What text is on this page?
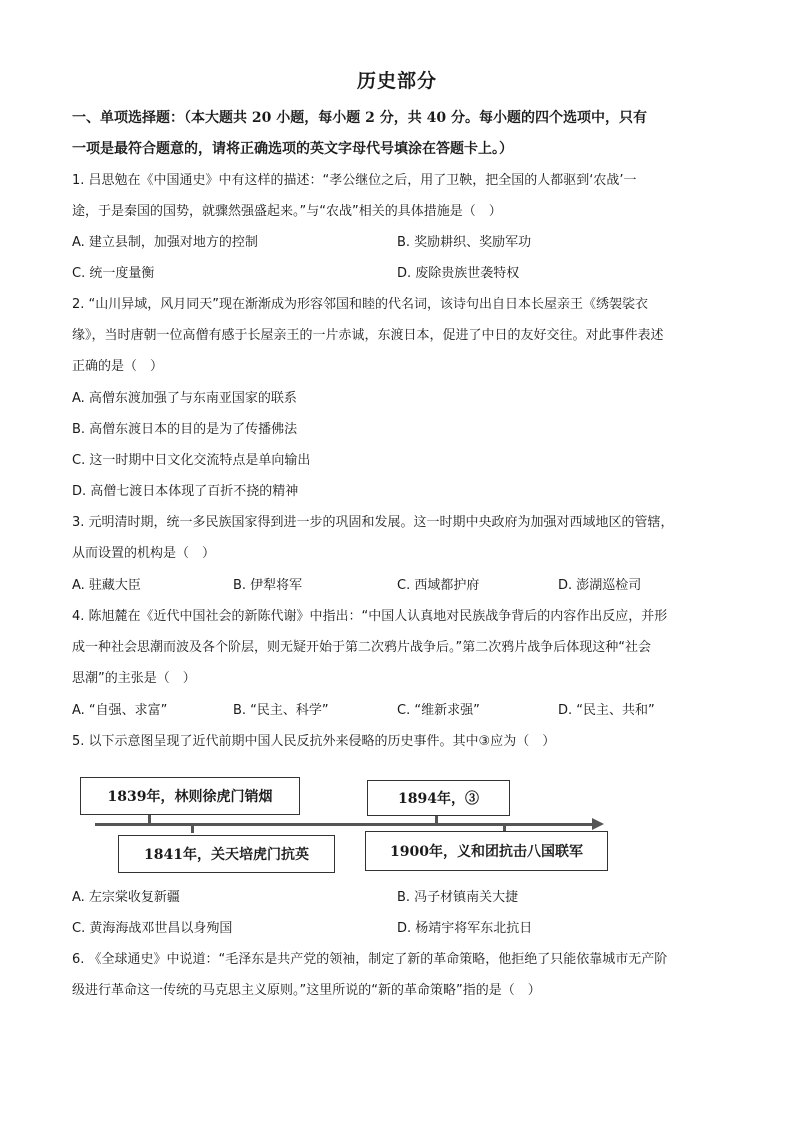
历史部分
一、单项选择题：（本大题共 20 小题，每小题 2 分，共 40 分。每小题的四个选项中，只有
一项是最符合题意的，请将正确选项的英文字母代号填涂在答题卡上。）
1. 吕思勉在《中国通史》中有这样的描述：“孝公继位之后，用了卫鞅，把全国的人都驱到‘农战’一
途，于是秦国的国势，就骤然强盛起来。”与“农战”相关的具体措施是（　）
A. 建立县制，加强对地方的控制	B. 奖励耕织、奖励军功
C. 统一度量衡	D. 废除贵族世袭特权
2. “山川异域，风月同天”现在渐渐成为形容邻国和睦的代名词，该诗句出自日本长屋亲王《绣袈裟衣
缘》，当时唐朝一位高僧有感于长屋亲王的一片赤诚，东渡日本，促进了中日的友好交往。对此事件表述
正确的是（　）
A. 高僧东渡加强了与东南亚国家的联系
B. 高僧东渡日本的目的是为了传播佛法
C. 这一时期中日文化交流特点是单向输出
D. 高僧七渡日本体现了百折不挠的精神
3. 元明清时期，统一多民族国家得到进一步的巩固和发展。这一时期中央政府为加强对西域地区的管辖，
从而设置的机构是（　）
A. 驻藏大臣	B. 伊犁将军	C. 西域都护府	D. 澎湖巡检司
4. 陈旭麓在《近代中国社会的新陈代谢》中指出：“中国人认真地对民族战争背后的内容作出反应，并形
成一种社会思潮而波及各个阶层，则无疑开始于第二次鸦片战争后。”第二次鸦片战争后体现这种“社会
思潮”的主张是（　）
A. “自强、求富”	B. “民主、科学”	C. “维新求强”	D. “民主、共和”
5. 以下示意图呈现了近代前期中国人民反抗外来侵略的历史事件。其中③应为（　）
1839年，林则徐虎门销烟	1894年，③
1841年，关天培虎门抗英	1900年，义和团抗击八国联军
A. 左宗棠收复新疆	B. 冯子材镇南关大捷
C. 黄海海战邓世昌以身殉国	D. 杨靖宇将军东北抗日
6. 《全球通史》中说道：“毛泽东是共产党的领袖，制定了新的革命策略，他拒绝了只能依靠城市无产阶
级进行革命这一传统的马克思主义原则。”这里所说的“新的革命策略”指的是（　）
